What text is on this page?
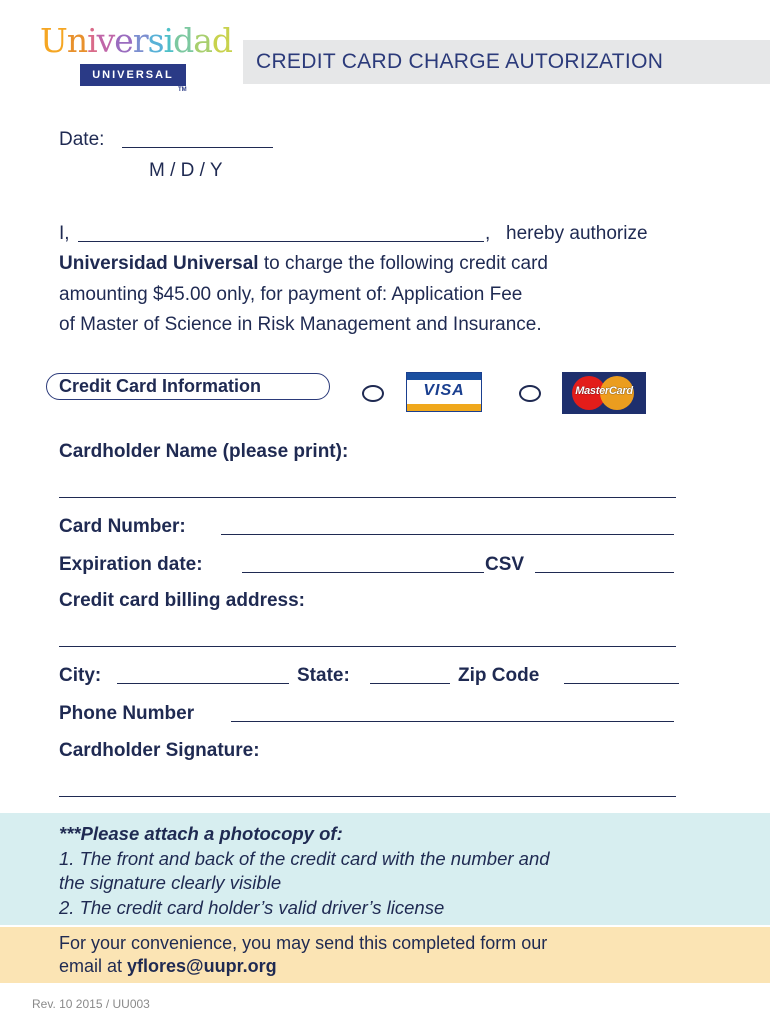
Universidad
UNIVERSAL
TM
CREDIT CARD CHARGE AUTORIZATION
Date:
M / D / Y
I,	, hereby authorize
Universidad Universal to charge the following credit card
amounting $45.00 only, for payment of: Application Fee
of Master of Science in Risk Management and Insurance.
Credit Card Information	VISA	MasterCard
Cardholder Name (please print):
Card Number:
Expiration date:	CSV
Credit card billing address:
City:	State:	Zip Code
Phone Number
Cardholder Signature:
***Please attach a photocopy of:
1. The front and back of the credit card with the number and
the signature clearly visible
2. The credit card holder’s valid driver’s license
For your convenience, you may send this completed form our
email at yflores@uupr.org
Rev. 10 2015 / UU003
